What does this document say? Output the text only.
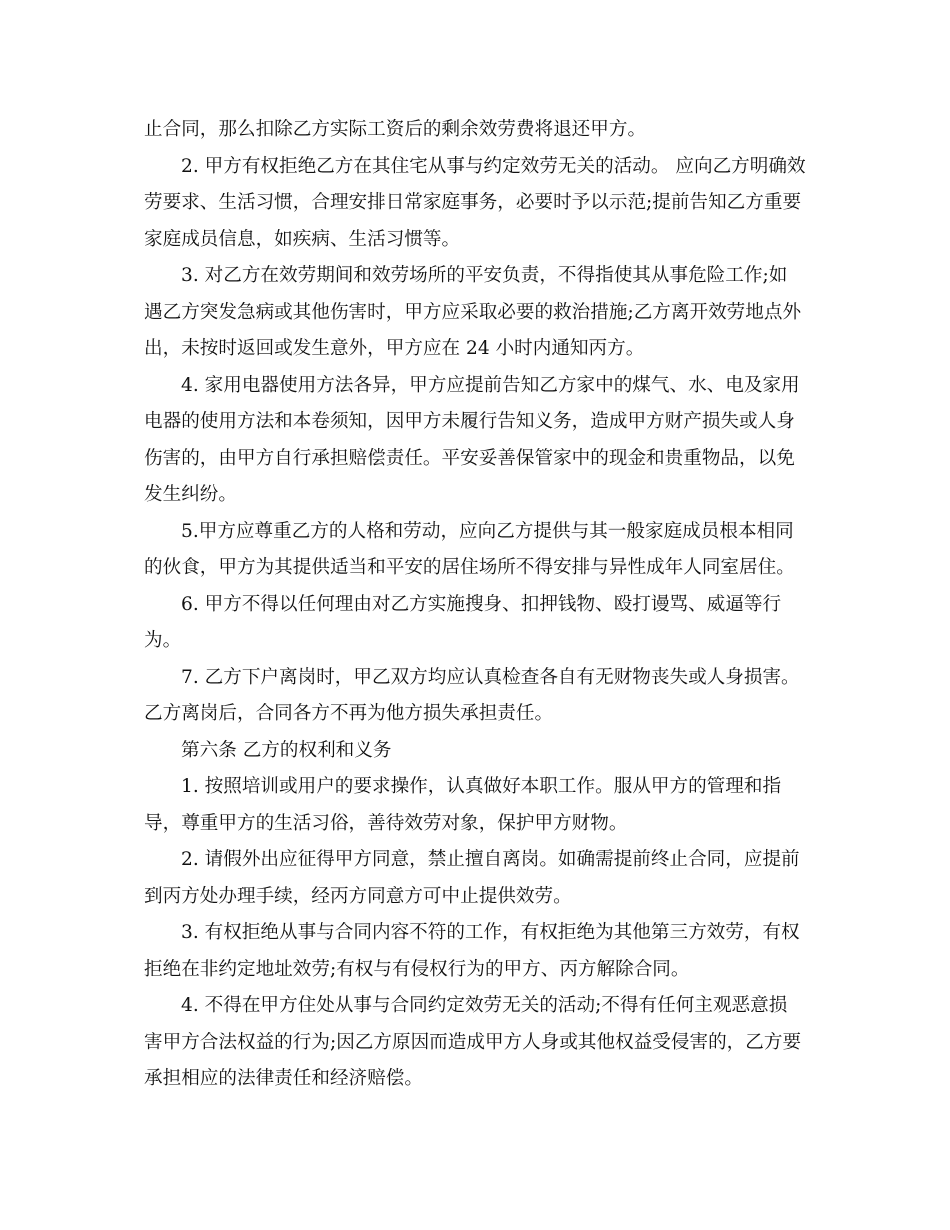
止合同，那么扣除乙方实际工资后的剩余效劳费将退还甲方。
2. 甲方有权拒绝乙方在其住宅从事与约定效劳无关的活动。 应向乙方明确效
劳要求、生活习惯，合理安排日常家庭事务，必要时予以示范;提前告知乙方重要
家庭成员信息，如疾病、生活习惯等。
3. 对乙方在效劳期间和效劳场所的平安负责，不得指使其从事危险工作;如
遇乙方突发急病或其他伤害时，甲方应采取必要的救治措施;乙方离开效劳地点外
出，未按时返回或发生意外，甲方应在 24 小时内通知丙方。
4. 家用电器使用方法各异，甲方应提前告知乙方家中的煤气、水、电及家用
电器的使用方法和本卷须知，因甲方未履行告知义务，造成甲方财产损失或人身
伤害的，由甲方自行承担赔偿责任。平安妥善保管家中的现金和贵重物品，以免
发生纠纷。
5.甲方应尊重乙方的人格和劳动，应向乙方提供与其一般家庭成员根本相同
的伙食，甲方为其提供适当和平安的居住场所不得安排与异性成年人同室居住。
6. 甲方不得以任何理由对乙方实施搜身、扣押钱物、殴打谩骂、威逼等行
为。
7. 乙方下户离岗时，甲乙双方均应认真检查各自有无财物丧失或人身损害。
乙方离岗后，合同各方不再为他方损失承担责任。
第六条 乙方的权利和义务
1. 按照培训或用户的要求操作，认真做好本职工作。服从甲方的管理和指
导，尊重甲方的生活习俗，善待效劳对象，保护甲方财物。
2. 请假外出应征得甲方同意，禁止擅自离岗。如确需提前终止合同，应提前
到丙方处办理手续，经丙方同意方可中止提供效劳。
3. 有权拒绝从事与合同内容不符的工作，有权拒绝为其他第三方效劳，有权
拒绝在非约定地址效劳;有权与有侵权行为的甲方、丙方解除合同。
4. 不得在甲方住处从事与合同约定效劳无关的活动;不得有任何主观恶意损
害甲方合法权益的行为;因乙方原因而造成甲方人身或其他权益受侵害的，乙方要
承担相应的法律责任和经济赔偿。
